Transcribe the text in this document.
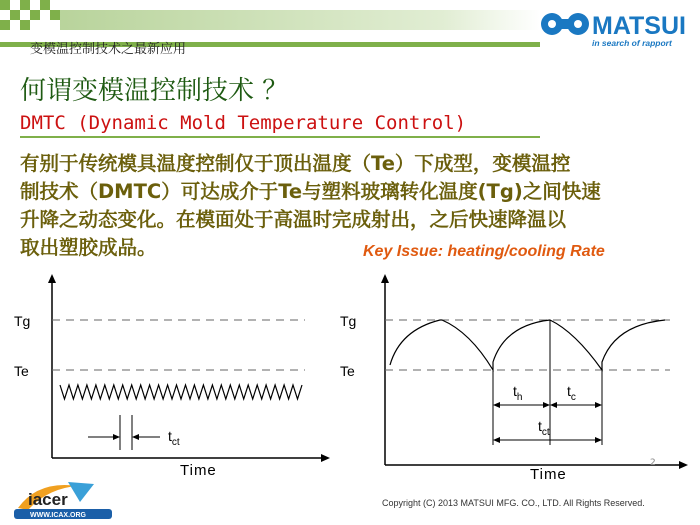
变模温控制技术之最新应用
MATSUI
in search of rapport
何谓变模温控制技术 ？
DMTC (Dynamic Mold Temperature Control)
有别于传统模具温度控制仅于顶出温度（Te）下成型，变模温控
制技术（DMTC）可达成介于Te与塑料玻璃转化温度(Tg)之间快速
升降之动态变化。在模面处于高温时完成射出，之后快速降温以
取出塑胶成品。	Key Issue: heating/cooling Rate
Tg
Te
$t_{ct}$
Time
Tg
Te
$t_h$	$t_c$
$t_{ct}$
Time
2
Copyright (C) 2013 MATSUI MFG. CO., LTD. All Rights Reserved.
iacer
WWW.ICAX.ORG
